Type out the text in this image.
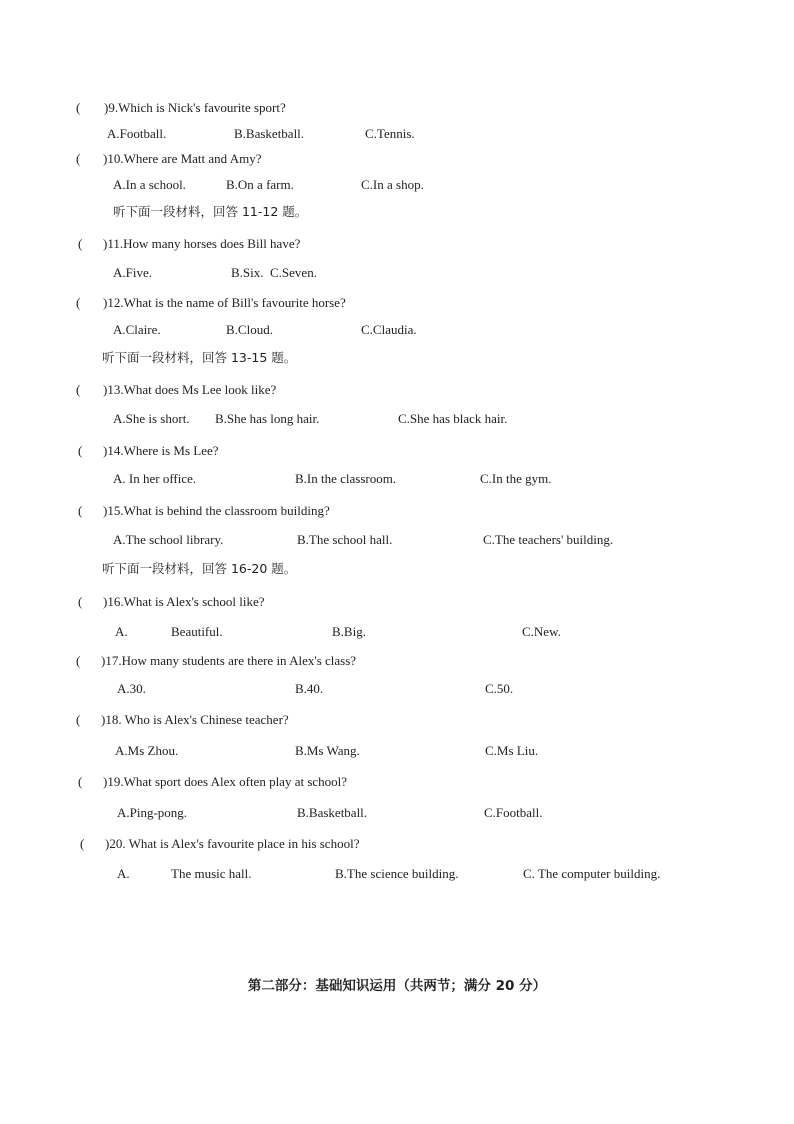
( )9.Which is Nick's favourite sport?
A.Football.	B.Basketball.	C.Tennis.
( )10.Where are Matt and Amy?
A.In a school.	B.On a farm.	C.In a shop.
听下面一段材料，回答 11-12 题。
( )11.How many horses does Bill have?
A.Five.	B.Six. C.Seven.
( )12.What is the name of Bill's favourite horse?
A.Claire.	B.Cloud.	C.Claudia.
听下面一段材料，回答 13-15 题。
( )13.What does Ms Lee look like?
A.She is short. B.She has long hair.	C.She has black hair.
( )14.Where is Ms Lee?
A. In her office.	B.In the classroom.	C.In the gym.
( )15.What is behind the classroom building?
A.The school library.	B.The school hall.	C.The teachers' building.
听下面一段材料，回答 16-20 题。
( )16.What is Alex's school like?
A.	Beautiful.	B.Big.	C.New.
( )17.How many students are there in Alex's class?
A.30.	B.40.	C.50.
( )18. Who is Alex's Chinese teacher?
A.Ms Zhou.	B.Ms Wang.	C.Ms Liu.
( )19.What sport does Alex often play at school?
A.Ping-pong.	B.Basketball.	C.Football.
( )20. What is Alex's favourite place in his school?
A.	The music hall.	B.The science building.	C. The computer building.
第二部分：基础知识运用（共两节；满分 20 分）
